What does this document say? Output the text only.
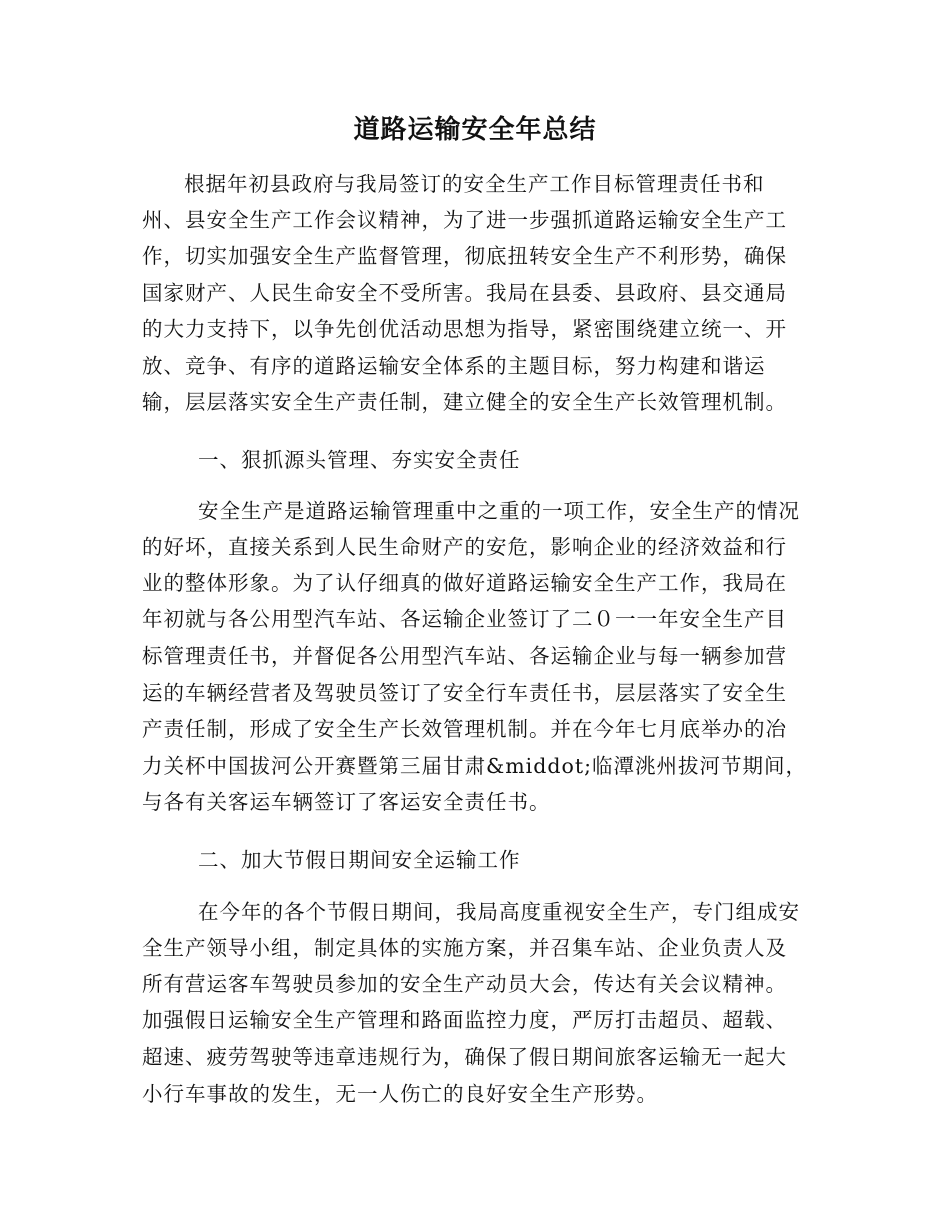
道路运输安全年总结
根据年初县政府与我局签订的安全生产工作目标管理责任书和
州、县安全生产工作会议精神，为了进一步强抓道路运输安全生产工
作，切实加强安全生产监督管理，彻底扭转安全生产不利形势，确保
国家财产、人民生命安全不受所害。我局在县委、县政府、县交通局
的大力支持下，以争先创优活动思想为指导，紧密围绕建立统一、开
放、竞争、有序的道路运输安全体系的主题目标，努力构建和谐运
输，层层落实安全生产责任制，建立健全的安全生产长效管理机制。
一、狠抓源头管理、夯实安全责任
安全生产是道路运输管理重中之重的一项工作，安全生产的情况
的好坏，直接关系到人民生命财产的安危，影响企业的经济效益和行
业的整体形象。为了认仔细真的做好道路运输安全生产工作，我局在
年初就与各公用型汽车站、各运输企业签订了二０一一年安全生产目
标管理责任书，并督促各公用型汽车站、各运输企业与每一辆参加营
运的车辆经营者及驾驶员签订了安全行车责任书，层层落实了安全生
产责任制，形成了安全生产长效管理机制。并在今年七月底举办的冶
力关杯中国拔河公开赛暨第三届甘肃&middot;临潭洮州拔河节期间，
与各有关客运车辆签订了客运安全责任书。
二、加大节假日期间安全运输工作
在今年的各个节假日期间，我局高度重视安全生产，专门组成安
全生产领导小组，制定具体的实施方案，并召集车站、企业负责人及
所有营运客车驾驶员参加的安全生产动员大会，传达有关会议精神。
加强假日运输安全生产管理和路面监控力度，严厉打击超员、超载、
超速、疲劳驾驶等违章违规行为，确保了假日期间旅客运输无一起大
小行车事故的发生，无一人伤亡的良好安全生产形势。
